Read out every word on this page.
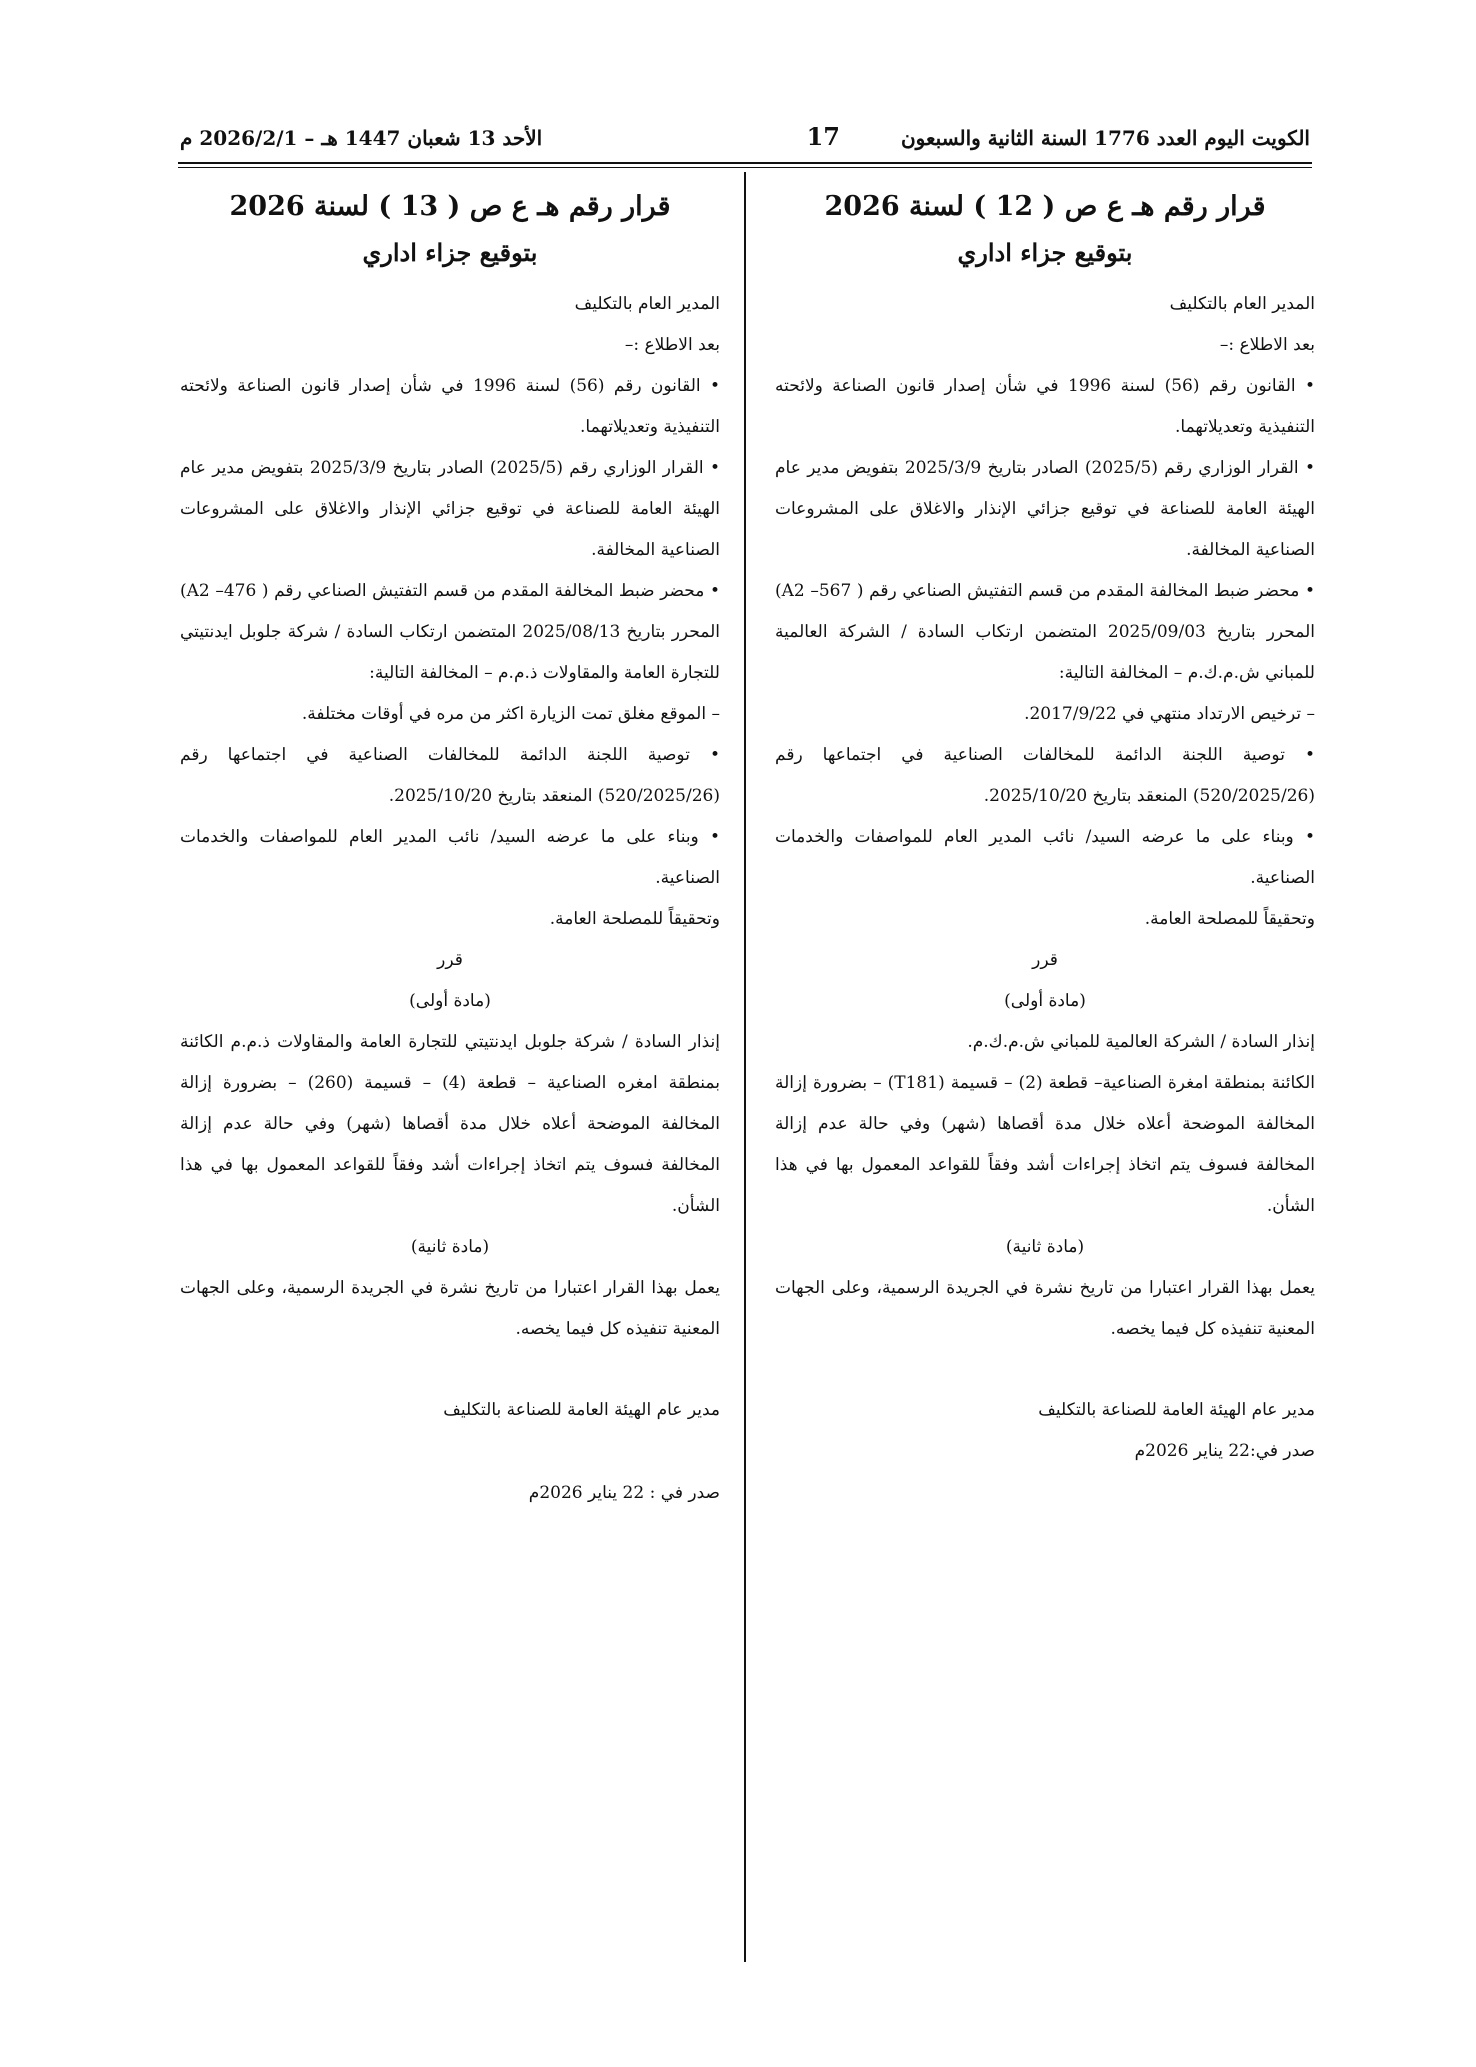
الكويت اليوم العدد 1776 السنة الثانية والسبعون
17
الأحد 13 شعبان 1447 هـ – 2026/2/1 م

قرار رقم هـ ع ص ( 12 ) لسنة 2026

بتوقيع جزاء اداري

المدير العام بالتكليف

بعد الاطلاع :–

• القانون رقم (56) لسنة 1996 في شأن إصدار قانون الصناعة ولائحته التنفيذية وتعديلاتهما.

• القرار الوزاري رقم (2025/5) الصادر بتاريخ 2025/3/9 بتفويض مدير عام الهيئة العامة للصناعة في توقيع جزائي الإنذار والاغلاق على المشروعات الصناعية المخالفة.

• محضر ضبط المخالفة المقدم من قسم التفتيش الصناعي رقم ( A2 –567) المحرر بتاريخ 2025/09/03 المتضمن ارتكاب السادة / الشركة العالمية للمباني ش.م.ك.م – المخالفة التالية:

– ترخيص الارتداد منتهي في 2017/9/22.

• توصية اللجنة الدائمة للمخالفات الصناعية في اجتماعها رقم (520/2025/26) المنعقد بتاريخ 2025/10/20.

• وبناء على ما عرضه السيد/ نائب المدير العام للمواصفات والخدمات الصناعية.

وتحقيقاً للمصلحة العامة.

قرر

(مادة أولى)

إنذار السادة / الشركة العالمية للمباني ش.م.ك.م.

الكائنة بمنطقة امغرة الصناعية– قطعة (2) – قسيمة (T181) – بضرورة إزالة المخالفة الموضحة أعلاه خلال مدة أقصاها (شهر) وفي حالة عدم إزالة المخالفة فسوف يتم اتخاذ إجراءات أشد وفقاً للقواعد المعمول بها في هذا الشأن.

(مادة ثانية)

يعمل بهذا القرار اعتبارا من تاريخ نشرة في الجريدة الرسمية، وعلى الجهات المعنية تنفيذه كل فيما يخصه.

مدير عام الهيئة العامة للصناعة بالتكليف

صدر في:22 يناير 2026م

قرار رقم هـ ع ص ( 13 ) لسنة 2026

بتوقيع جزاء اداري

المدير العام بالتكليف

بعد الاطلاع :–

• القانون رقم (56) لسنة 1996 في شأن إصدار قانون الصناعة ولائحته التنفيذية وتعديلاتهما.

• القرار الوزاري رقم (2025/5) الصادر بتاريخ 2025/3/9 بتفويض مدير عام الهيئة العامة للصناعة في توقيع جزائي الإنذار والاغلاق على المشروعات الصناعية المخالفة.

• محضر ضبط المخالفة المقدم من قسم التفتيش الصناعي رقم ( A2 –476) المحرر بتاريخ 2025/08/13 المتضمن ارتكاب السادة / شركة جلوبل ايدنتيتي للتجارة العامة والمقاولات ذ.م.م – المخالفة التالية:

– الموقع مغلق تمت الزيارة اكثر من مره في أوقات مختلفة.

• توصية اللجنة الدائمة للمخالفات الصناعية في اجتماعها رقم (520/2025/26) المنعقد بتاريخ 2025/10/20.

• وبناء على ما عرضه السيد/ نائب المدير العام للمواصفات والخدمات الصناعية.

وتحقيقاً للمصلحة العامة.

قرر

(مادة أولى)

إنذار السادة / شركة جلوبل ايدنتيتي للتجارة العامة والمقاولات ذ.م.م الكائنة بمنطقة امغره الصناعية – قطعة (4) – قسيمة (260) – بضرورة إزالة المخالفة الموضحة أعلاه خلال مدة أقصاها (شهر) وفي حالة عدم إزالة المخالفة فسوف يتم اتخاذ إجراءات أشد وفقاً للقواعد المعمول بها في هذا الشأن.

(مادة ثانية)

يعمل بهذا القرار اعتبارا من تاريخ نشرة في الجريدة الرسمية، وعلى الجهات المعنية تنفيذه كل فيما يخصه.

مدير عام الهيئة العامة للصناعة بالتكليف

صدر في : 22 يناير 2026م
